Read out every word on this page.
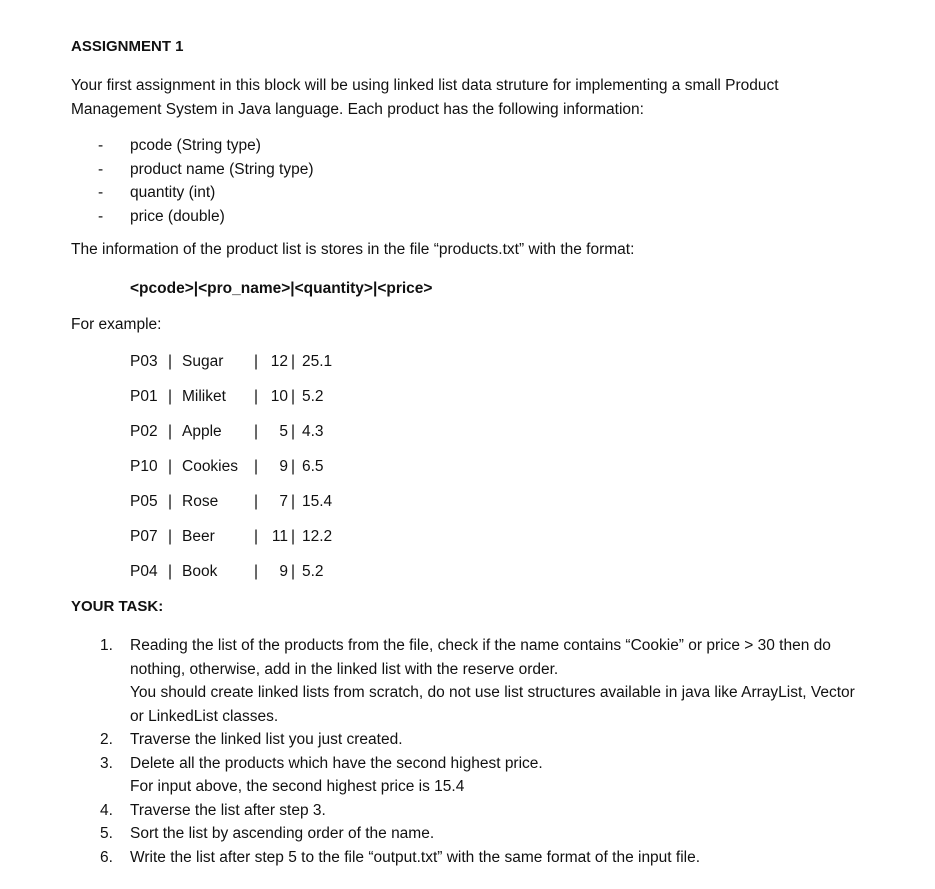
ASSIGNMENT 1
Your first assignment in this block will be using linked list data struture for implementing a small Product Management System in Java language. Each product has the following information:
- pcode (String type)
- product name (String type)
- quantity (int)
- price (double)
The information of the product list is stores in the file “products.txt” with the format:
<pcode>|<pro_name>|<quantity>|<price>
For example:
P03 | Sugar | 12 | 25.1
P01 | Miliket | 10 | 5.2
P02 | Apple |	5 | 4.3
P10 | Cookies |	9 | 6.5
P05 | Rose |	7 | 15.4
P07 | Beer	| 11 | 12.2
P04 | Book |	9 | 5.2
YOUR TASK:
1. Reading the list of the products from the file, check if the name contains “Cookie” or price > 30 then do nothing, otherwise, add in the linked list with the reserve order.
You should create linked lists from scratch, do not use list structures available in java like ArrayList, Vector or LinkedList classes.
2. Traverse the linked list you just created.
3. Delete all the products which have the second highest price.
For input above, the second highest price is 15.4
4. Traverse the list after step 3.
5. Sort the list by ascending order of the name.
6. Write the list after step 5 to the file “output.txt” with the same format of the input file.
